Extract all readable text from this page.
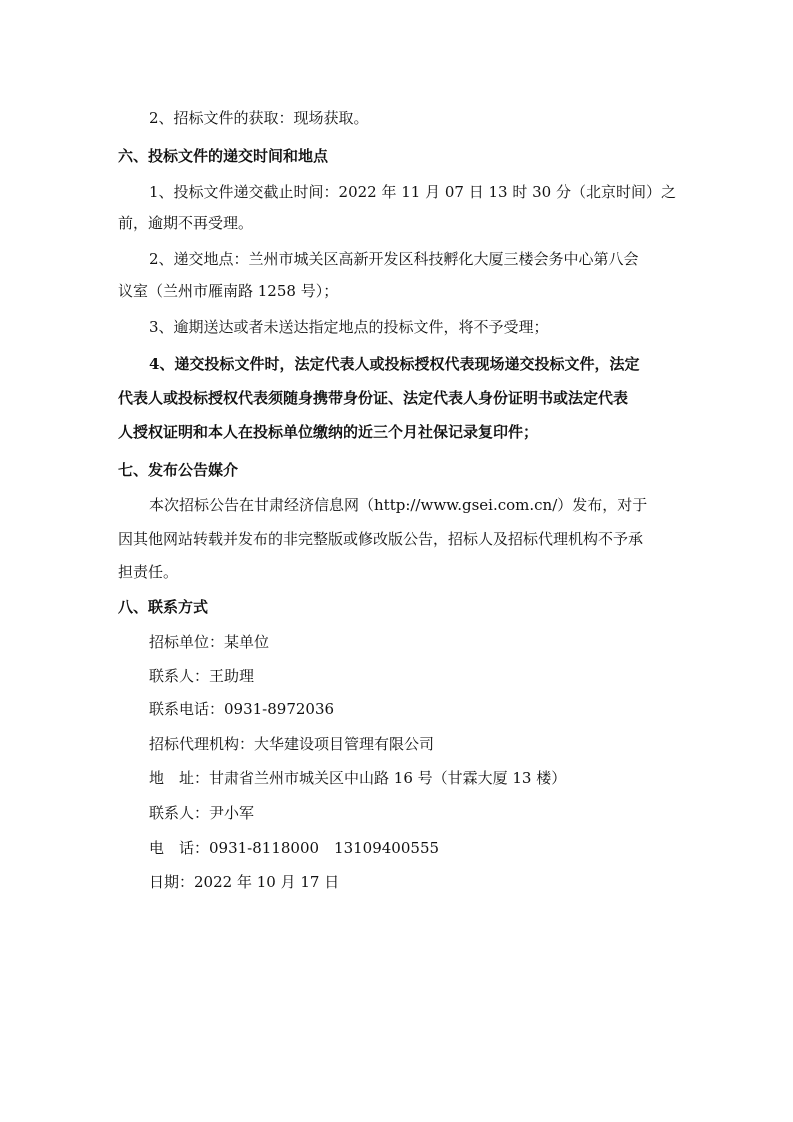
2、招标文件的获取：现场获取。
六、投标文件的递交时间和地点
1、投标文件递交截止时间：2022 年 11 月 07 日 13 时 30 分（北京时间）之
前，逾期不再受理。
2、递交地点：兰州市城关区高新开发区科技孵化大厦三楼会务中心第八会
议室（兰州市雁南路 1258 号）；
3、逾期送达或者未送达指定地点的投标文件，将不予受理；
4、递交投标文件时，法定代表人或投标授权代表现场递交投标文件，法定
代表人或投标授权代表须随身携带身份证、法定代表人身份证明书或法定代表
人授权证明和本人在投标单位缴纳的近三个月社保记录复印件；
七、发布公告媒介
本次招标公告在甘肃经济信息网（http://www.gsei.com.cn/）发布，对于
因其他网站转载并发布的非完整版或修改版公告，招标人及招标代理机构不予承
担责任。
八、联系方式
招标单位：某单位
联系人：王助理
联系电话：0931-8972036
招标代理机构：大华建设项目管理有限公司
地　址：甘肃省兰州市城关区中山路 16 号（甘霖大厦 13 楼）
联系人：尹小军
电　话：0931-8118000　13109400555
日期：2022 年 10 月 17 日
